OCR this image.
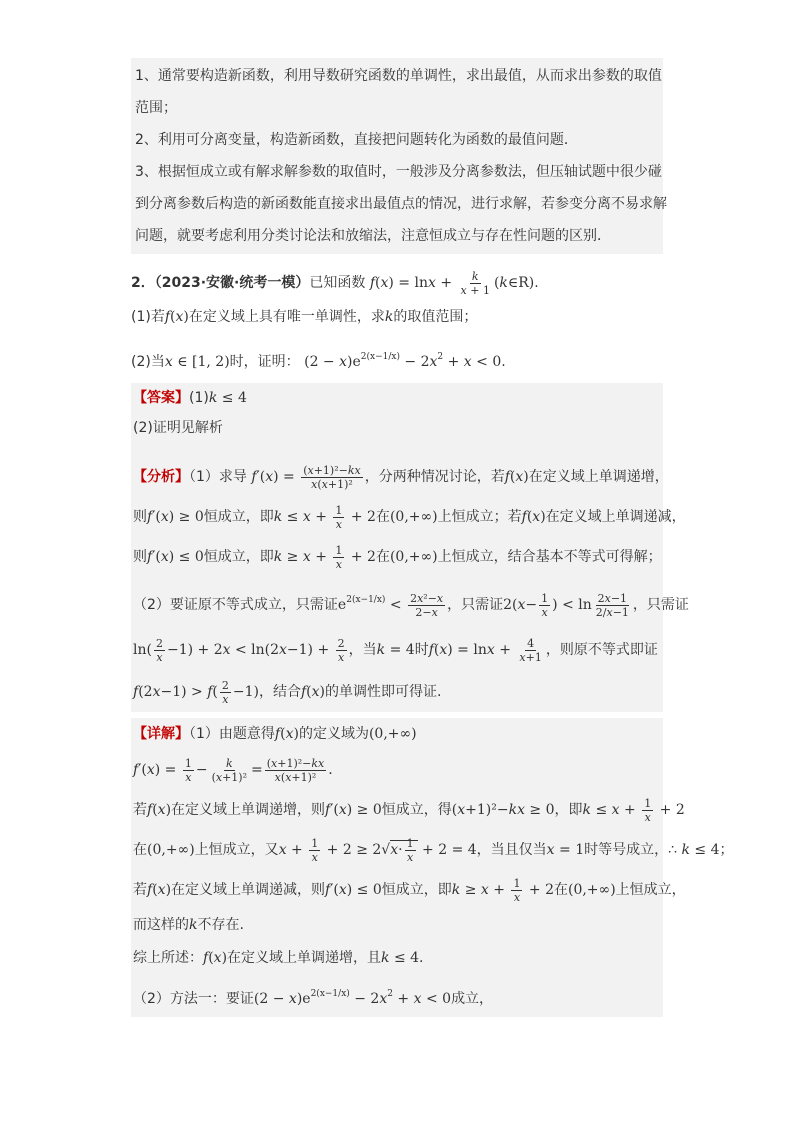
1、通常要构造新函数，利用导数研究函数的单调性，求出最值，从而求出参数的取值
范围；
2、利用可分离变量，构造新函数，直接把问题转化为函数的最值问题．
3、根据恒成立或有解求解参数的取值时，一般涉及分离参数法，但压轴试题中很少碰
到分离参数后构造的新函数能直接求出最值点的情况，进行求解，若参变分离不易求解
问题，就要考虑利用分类讨论法和放缩法，注意恒成立与存在性问题的区别．
2．（2023·安徽·统考一模）已知函数 $f(x) = \ln x + \frac{k}{x + 1}$ (k∈R).
(1)若f(x)在定义域上具有唯一单调性，求k的取值范围；
(2)当x ∈ [1, 2)时，证明： $(2 - x)e^{2(x-1/x)} - 2x^2 + x < 0$.
【答案】(1)k ≤ 4
(2)证明见解析
【分析】（1）求导 $f'(x) = \frac{\text{(x+1)²−kx}}{\text{x(x+1)²}}$ ，分两种情况讨论，若f(x)在定义域上单调递增，
则f′(x) ≥ 0恒成立，即$k \le x + \frac{1}{x} + 2$在(0,+∞)上恒成立；若f(x)在定义域上单调递减，
则f′(x) ≤ 0恒成立，即$k \ge x + \frac{1}{x} + 2$在(0,+∞)上恒成立，结合基本不等式可得解；
（2）要证原不等式成立，只需证$e^{2(x-1/x)} < \frac{\text{2x²−x}}{2-x}$ ，只需证$2(x- \frac{1}{x}$ ) < $\ln \frac{2x-1}{2/x-1}$ ，只需证
$\ln( \frac{2}{x} -1) + 2x < \ln(2x-1) + \frac{2}{x}$ ，当k = 4时$f(x) = \ln x + \frac{4}{x+1}$ ，则原不等式即证
$f(2x-1) > f( \frac{2}{x} -1)$，结合f(x)的单调性即可得证.
【详解】（1）由题意得f(x)的定义域为(0,+∞)
$f'(x) = \frac{1}{x} - \frac{k}{\text{(x+1)²}} = \frac{\text{(x+1)²−kx}}{\text{x(x+1)²}}$ .
若f(x)在定义域上单调递增，则f′(x) ≥ 0恒成立，得(x+1)²−kx ≥ 0，即$k \le x + \frac{1}{x} + 2$
在(0,+∞)上恒成立，又$x + \frac{1}{x} + 2 \ge 2√x\cdot \frac{1}{x} + 2 = 4$，当且仅当x = 1时等号成立，∴ k ≤ 4；
若f(x)在定义域上单调递减，则f′(x) ≤ 0恒成立，即$k \ge x + \frac{1}{x} + 2$在(0,+∞)上恒成立，
而这样的k不存在.
综上所述：f(x)在定义域上单调递增，且k ≤ 4.
（2）方法一：要证$(2 - x)e^{2(x-1/x)} - 2x^2 + x < 0$成立，
